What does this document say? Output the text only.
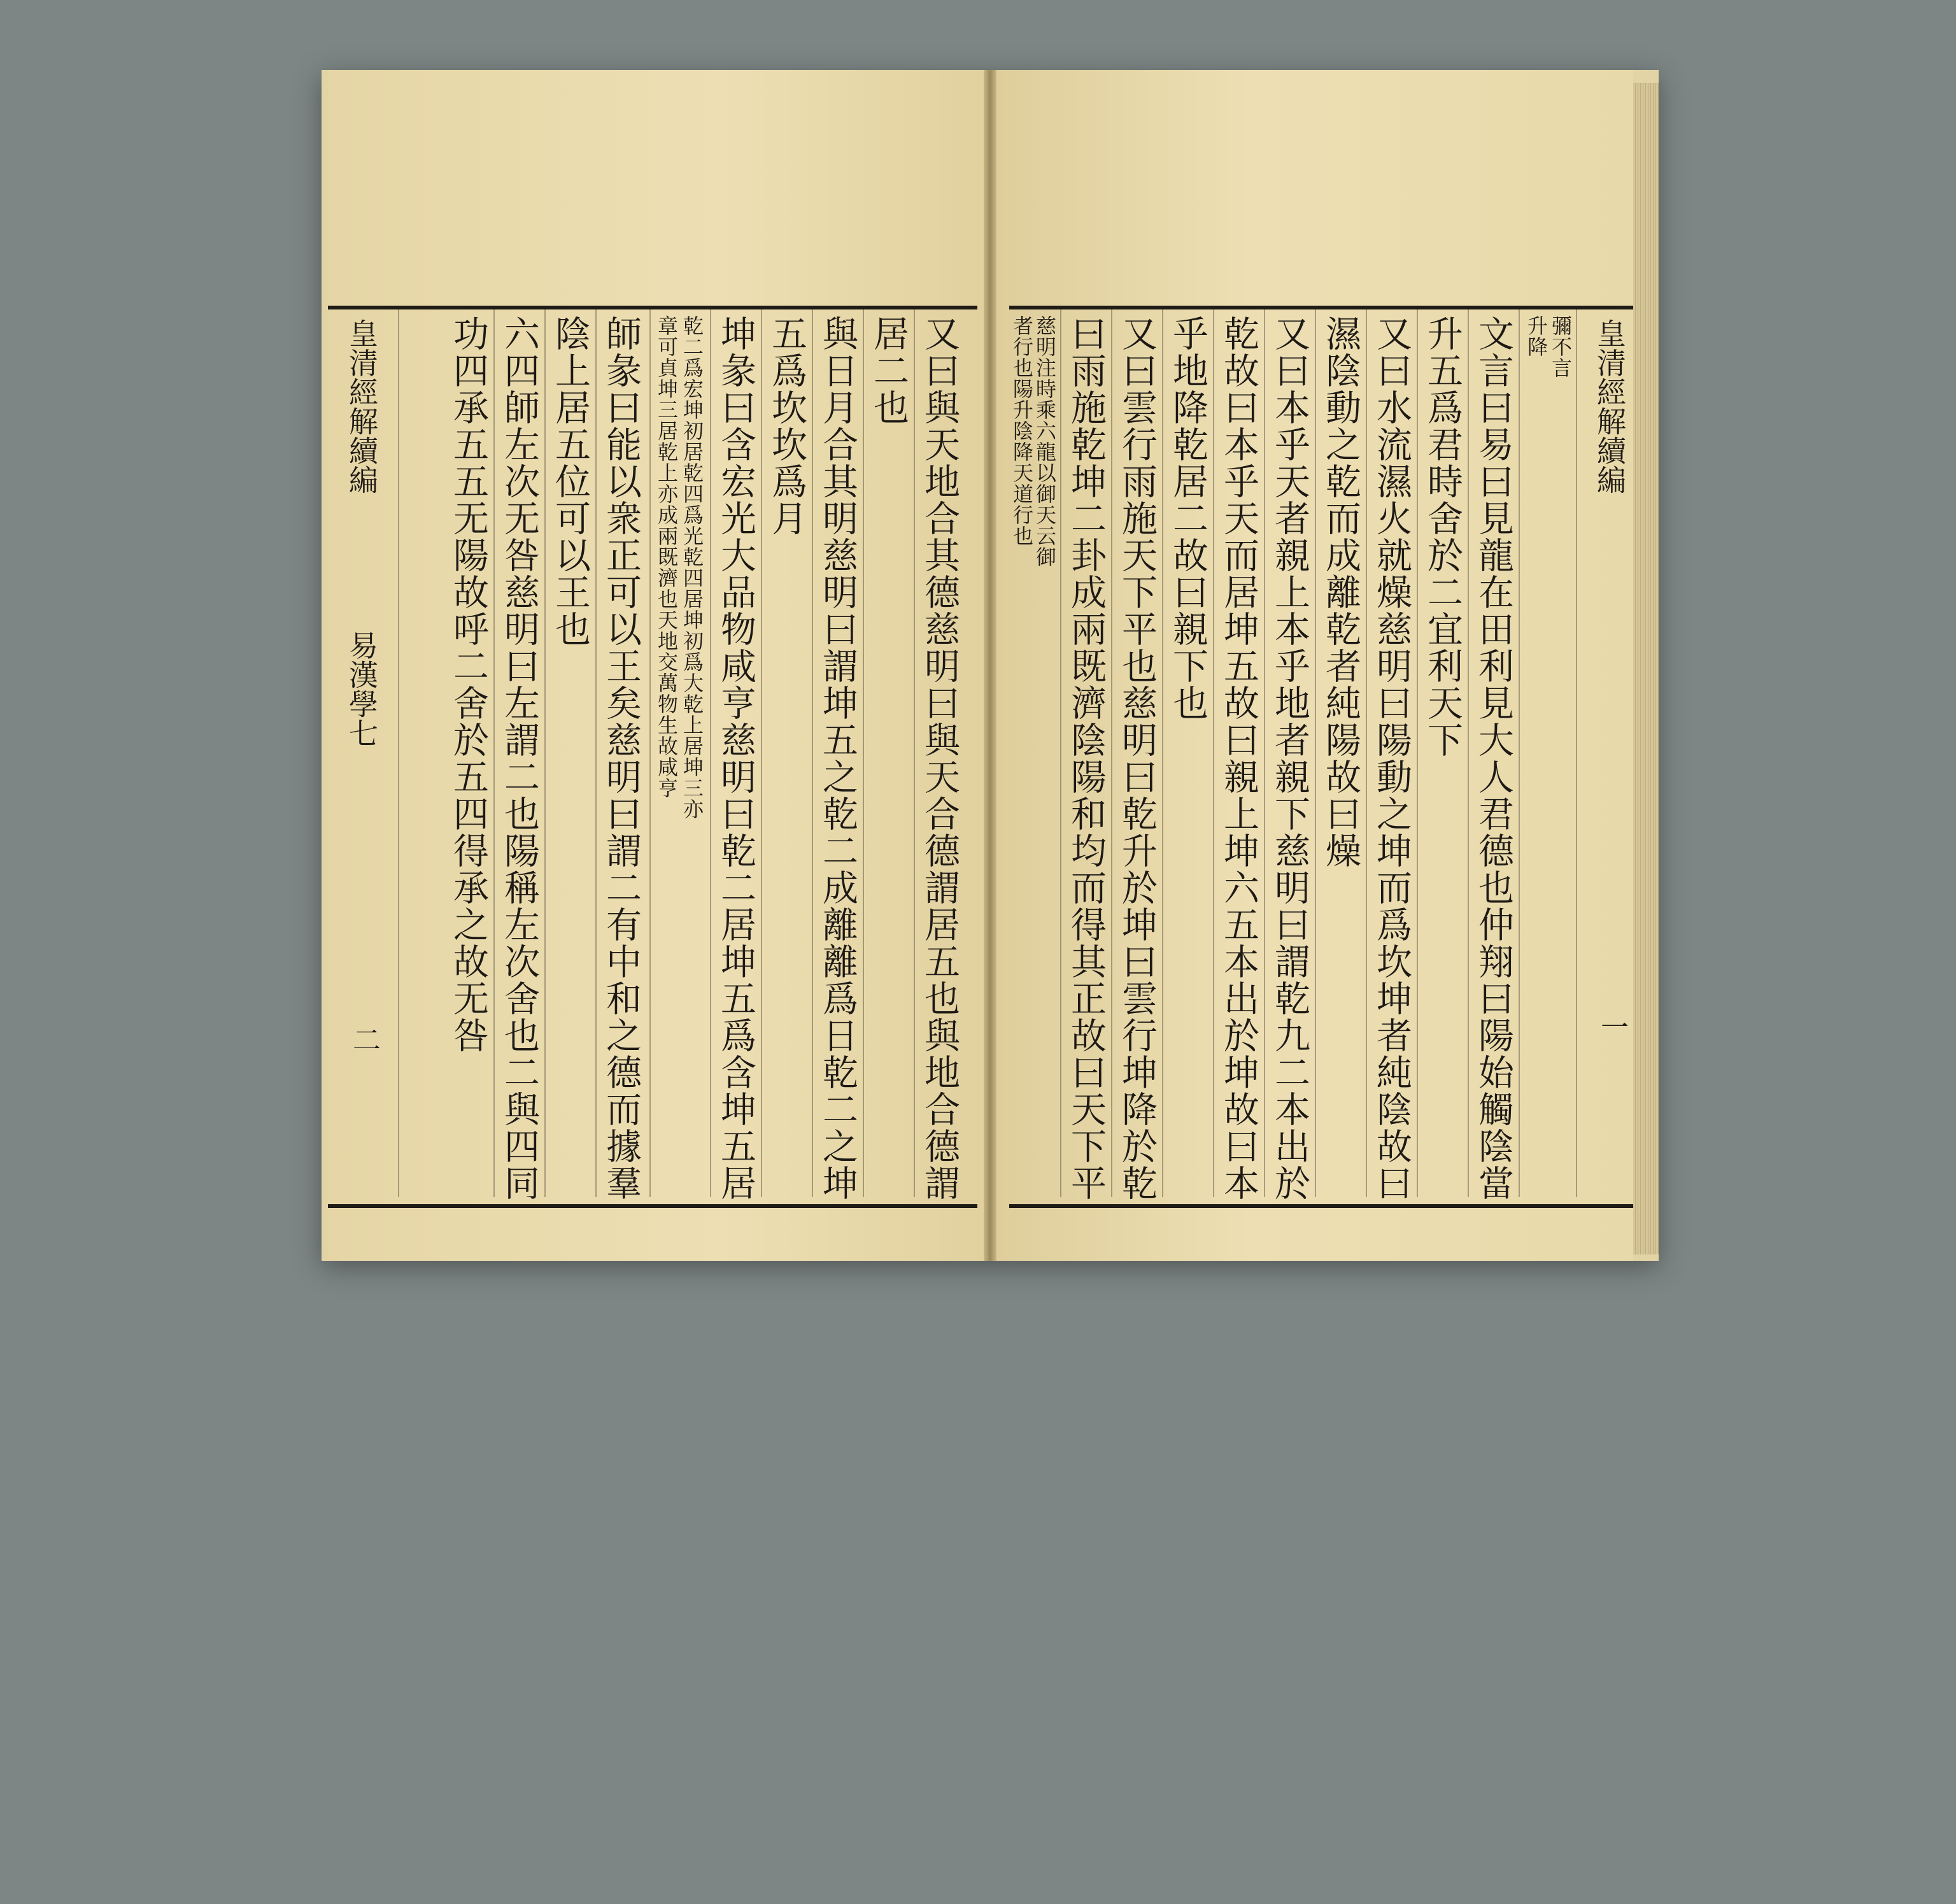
又曰與天地合其德慈明曰與天合德謂居五也與地合德謂
居二也
與日月合其明慈明曰謂坤五之乾二成離離爲日乾二之坤
五爲坎坎爲月
坤彖曰含宏光大品物咸亨慈明曰乾二居坤五爲含坤五居
乾二爲宏坤初居乾四爲光乾四居坤初爲大乾上居坤三亦
章可貞坤三居乾上亦成兩既濟也天地交萬物生故咸亨
師彖曰能以衆正可以王矣慈明曰謂二有中和之德而據羣
陰上居五位可以王也
六四師左次无咎慈明曰左謂二也陽稱左次舍也二與四同
功四承五五无陽故呼二舍於五四得承之故无咎
皇清經解續編
易漢學七
二
皇清經解續編
一
彌不言
升降
文言曰易曰見龍在田利見大人君德也仲翔曰陽始觸陰當
升五爲君時舍於二宜利天下
又曰水流濕火就燥慈明曰陽動之坤而爲坎坤者純陰故曰
濕陰動之乾而成離乾者純陽故曰燥
又曰本乎天者親上本乎地者親下慈明曰謂乾九二本出於
乾故曰本乎天而居坤五故曰親上坤六五本出於坤故曰本
乎地降乾居二故曰親下也
又曰雲行雨施天下平也慈明曰乾升於坤曰雲行坤降於乾
曰雨施乾坤二卦成兩既濟陰陽和均而得其正故曰天下平
慈明注時乘六龍以御天云御
者行也陽升陰降天道行也
